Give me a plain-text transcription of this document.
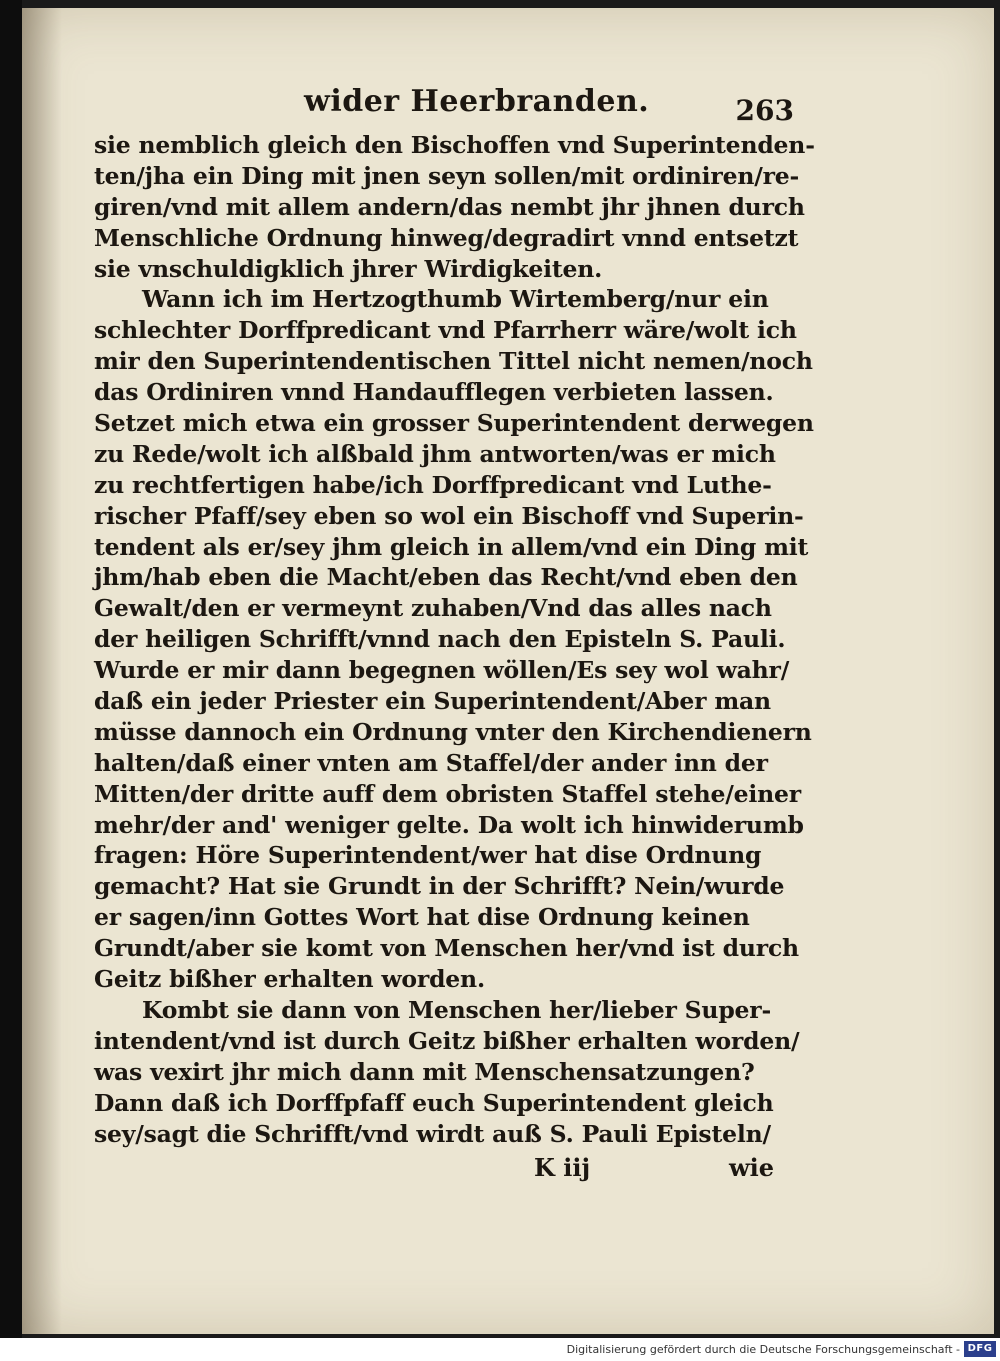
wider Heerbranden.	263
sie nemblich gleich den Bischoffen vnd Superintenden-
ten/jha ein Ding mit jnen seyn sollen/mit ordiniren/re-
giren/vnd mit allem andern/das nembt jhr jhnen durch
Menschliche Ordnung hinweg/degradirt vnnd entsetzt
sie vnschuldigklich jhrer Wirdigkeiten.
Wann ich im Hertzogthumb Wirtemberg/nur ein
schlechter Dorffpredicant vnd Pfarrherr wäre/wolt ich
mir den Superintendentischen Tittel nicht nemen/noch
das Ordiniren vnnd Handaufflegen verbieten lassen.
Setzet mich etwa ein grosser Superintendent derwegen
zu Rede/wolt ich alßbald jhm antworten/was er mich
zu rechtfertigen habe/ich Dorffpredicant vnd Luthe-
rischer Pfaff/sey eben so wol ein Bischoff vnd Superin-
tendent als er/sey jhm gleich in allem/vnd ein Ding mit
jhm/hab eben die Macht/eben das Recht/vnd eben den
Gewalt/den er vermeynt zuhaben/Vnd das alles nach
der heiligen Schrifft/vnnd nach den Episteln S. Pauli.
Wurde er mir dann begegnen wöllen/Es sey wol wahr/
daß ein jeder Priester ein Superintendent/Aber man
müsse dannoch ein Ordnung vnter den Kirchendienern
halten/daß einer vnten am Staffel/der ander inn der
Mitten/der dritte auff dem obristen Staffel stehe/einer
mehr/der and' weniger gelte. Da wolt ich hinwiderumb
fragen: Höre Superintendent/wer hat dise Ordnung
gemacht? Hat sie Grundt in der Schrifft? Nein/wurde
er sagen/inn Gottes Wort hat dise Ordnung keinen
Grundt/aber sie komt von Menschen her/vnd ist durch
Geitz bißher erhalten worden.
Kombt sie dann von Menschen her/lieber Super-
intendent/vnd ist durch Geitz bißher erhalten worden/
was vexirt jhr mich dann mit Menschensatzungen?
Dann daß ich Dorffpfaff euch Superintendent gleich
sey/sagt die Schrifft/vnd wirdt auß S. Pauli Episteln/
K iij	wie
Digitalisierung gefördert durch die Deutsche Forschungsgemeinschaft - DFG
